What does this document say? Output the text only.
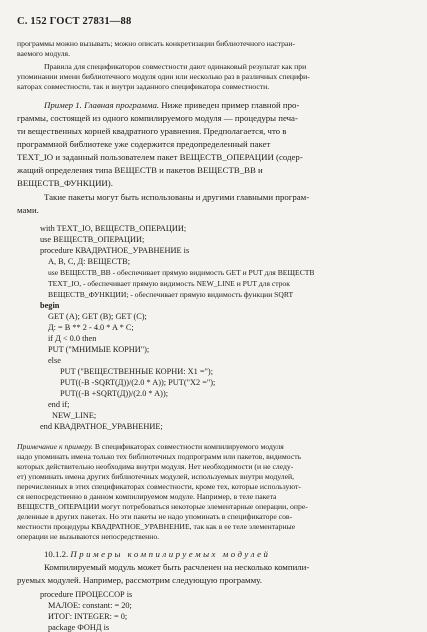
С. 152 ГОСТ 27831—88
программы можно вызывать; можно описать конкретизации библиотечного настраи-
ваемого модуля.
Правила для спецификаторов совместности дают одинаковый результат как при
упоминании имени библиотечного модуля один или несколько раз в различных специфи-
каторах совместности, так и внутри заданного спецификатора совместности.
Пример 1. Главная программа. Ниже приведен пример главной про-
граммы, состоящей из одного компилируемого модуля — процедуры печа-
ти вещественных корней квадратного уравнения. Предполагается, что в
программной библиотеке уже содержится предопределенный пакет
TEXT_IO и заданный пользователем пакет ВЕЩЕСТВ_ОПЕРАЦИИ (содер-
жащий определения типа ВЕЩЕСТВ и пакетов ВЕЩЕСТВ_ВВ и
ВЕЩЕСТВ_ФУНКЦИИ).
Такие пакеты могут быть использованы и другими главными програм-
мами.
with TEXT_IO, ВЕЩЕСТВ_ОПЕРАЦИИ;
use ВЕЩЕСТВ_ОПЕРАЦИИ;
procedure КВАДРАТНОЕ_УРАВНЕНИЕ is
A, B, C, Д: ВЕЩЕСТВ;
use ВЕЩЕСТВ_ВВ - обеспечивает прямую видимость GET и PUT для ВЕЩЕСТВ
TEXT_IO, - обеспечивает прямую видимость NEW_LINE и PUT для строк
ВЕЩЕСТВ_ФУНКЦИИ; - обеспечивает прямую видимость функции SQRT
begin
GET (A); GET (B); GET (C);
Д: = B ** 2 - 4.0 * A * C;
if Д < 0.0 then
PUT ("МНИМЫЕ КОРНИ");
else
PUT ("ВЕЩЕСТВЕННЫЕ КОРНИ: X1 =");
PUT((-B -SQRT(Д))/(2.0 * A)); PUT("X2 =");
PUT((-B +SQRT(Д))/(2.0 * A));
end if;
NEW_LINE;
end КВАДРАТНОЕ_УРАВНЕНИЕ;
Примечание к примеру. В спецификаторах совместности компилируемого модуля
надо упоминать имена только тех библиотечных подпрограмм или пакетов, видимость
которых действительно необходима внутри модуля. Нет необходимости (и не следу-
ет) упоминать имена других библиотечных модулей, используемых внутри модулей,
перечисленных в этих спецификаторах совместности, кроме тех, которые используют-
ся непосредственно в данном компилируемом модуле. Например, в теле пакета
ВЕЩЕСТВ_ОПЕРАЦИИ могут потребоваться некоторые элементарные операции, опре-
деленные в других пакетах. Но эти пакеты не надо упоминать в спецификаторе сов-
местности процедуры КВАДРАТНОЕ_УРАВНЕНИЕ, так как в ее теле элементарные
операции не вызываются непосредственно.
10.1.2. Примеры компилируемых модулей
Компилируемый модуль может быть расчленен на несколько компили-
руемых модулей. Например, рассмотрим следующую программу.
procedure ПРОЦЕССОР is
МАЛОЕ: constant: = 20;
ИТОГ: INTEGER: = 0;
package ФОНД is
